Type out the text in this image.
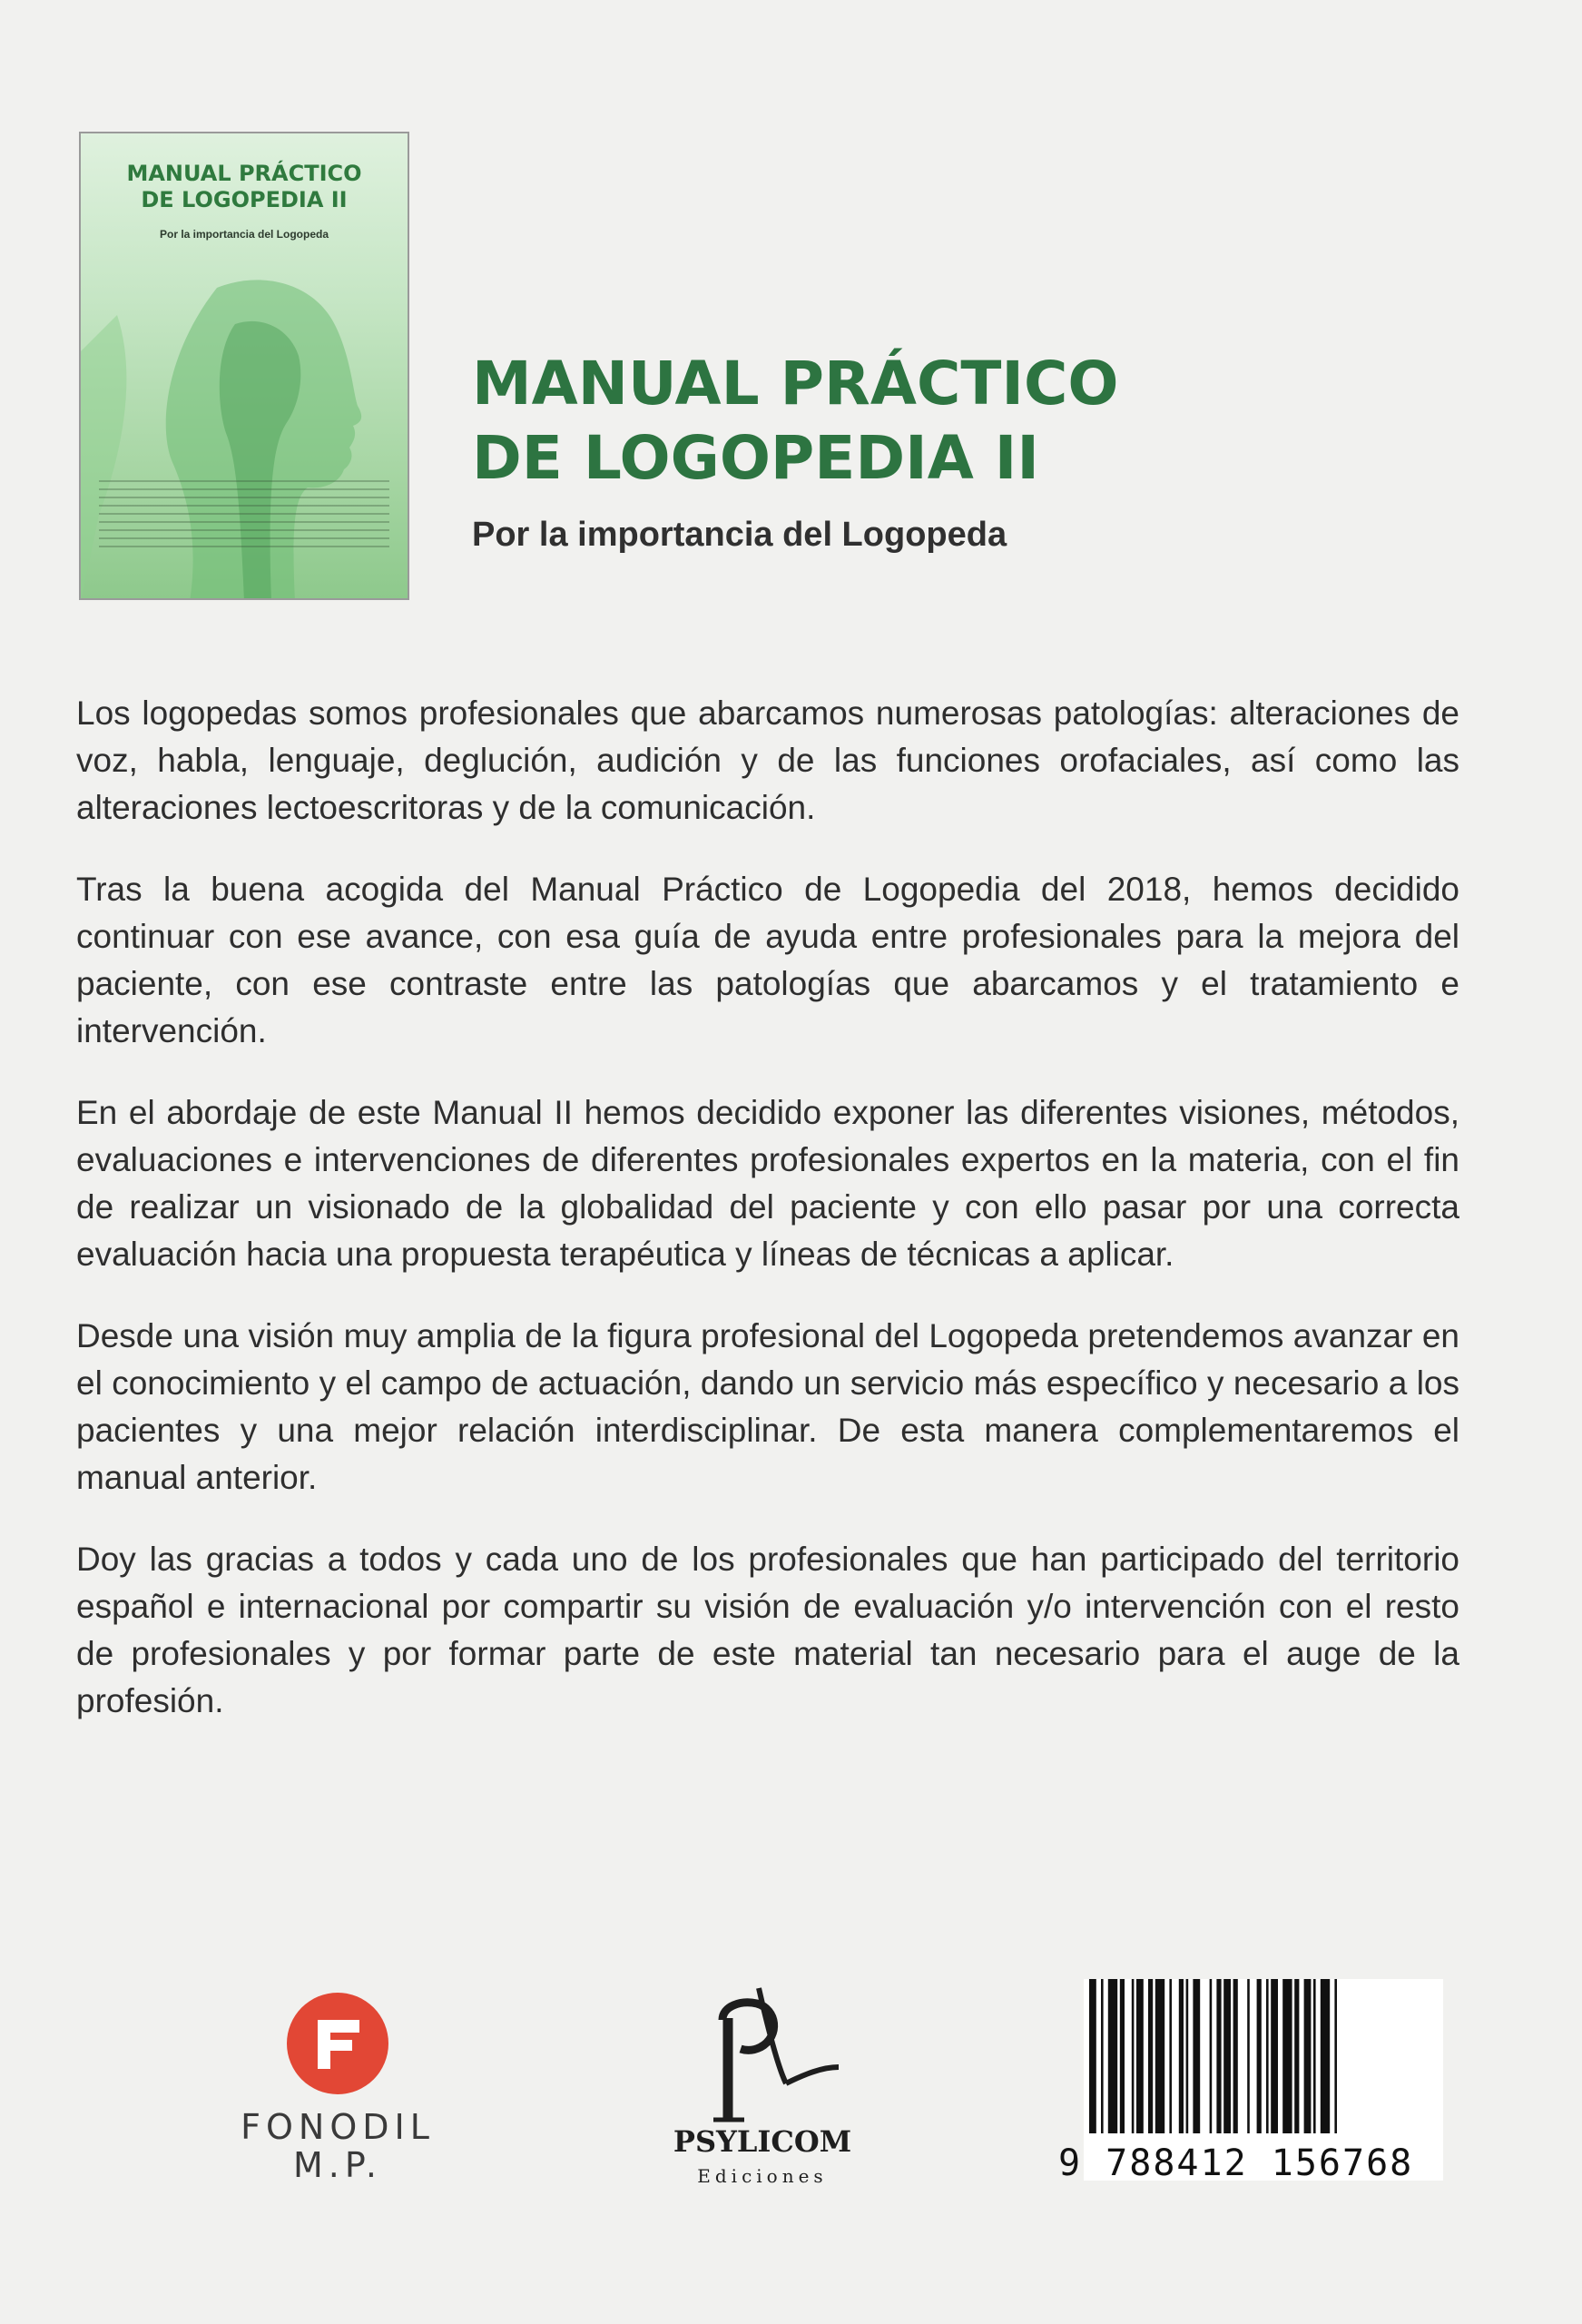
MANUAL PRÁCTICO
DE LOGOPEDIA II
Por la importancia del Logopeda
MANUAL PRÁCTICO
DE LOGOPEDIA II
Por la importancia del Logopeda

Los logopedas somos profesionales que abarcamos numerosas patologías: alteraciones de voz, habla, lenguaje, deglución, audición y de las funciones orofaciales, así como las alteraciones lectoescritoras y de la comunicación.

Tras la buena acogida del Manual Práctico de Logopedia del 2018, hemos decidido continuar con ese avance, con esa guía de ayuda entre profesionales para la mejora del paciente, con ese contraste entre las patologías que abarcamos y el tratamiento e intervención.

En el abordaje de este Manual II hemos decidido exponer las diferentes visiones, métodos, evaluaciones e intervenciones de diferentes profesionales expertos en la materia, con el fin de realizar un visionado de la globalidad del paciente y con ello pasar por una correcta evaluación hacia una propuesta terapéutica y líneas de técnicas a aplicar.

Desde una visión muy amplia de la figura profesional del Logopeda pretendemos avanzar en el conocimiento y el campo de actuación, dando un servicio más específico y necesario a los pacientes y una mejor relación interdisciplinar. De esta manera complementaremos el manual anterior.

Doy las gracias a todos y cada uno de los profesionales que han participado del territorio español e internacional por compartir su visión de evaluación y/o intervención con el resto de profesionales y por formar parte de este material tan necesario para el auge de la profesión.

FONODIL
M.P.
PSYLICOM
Ediciones	9 788412 156768
